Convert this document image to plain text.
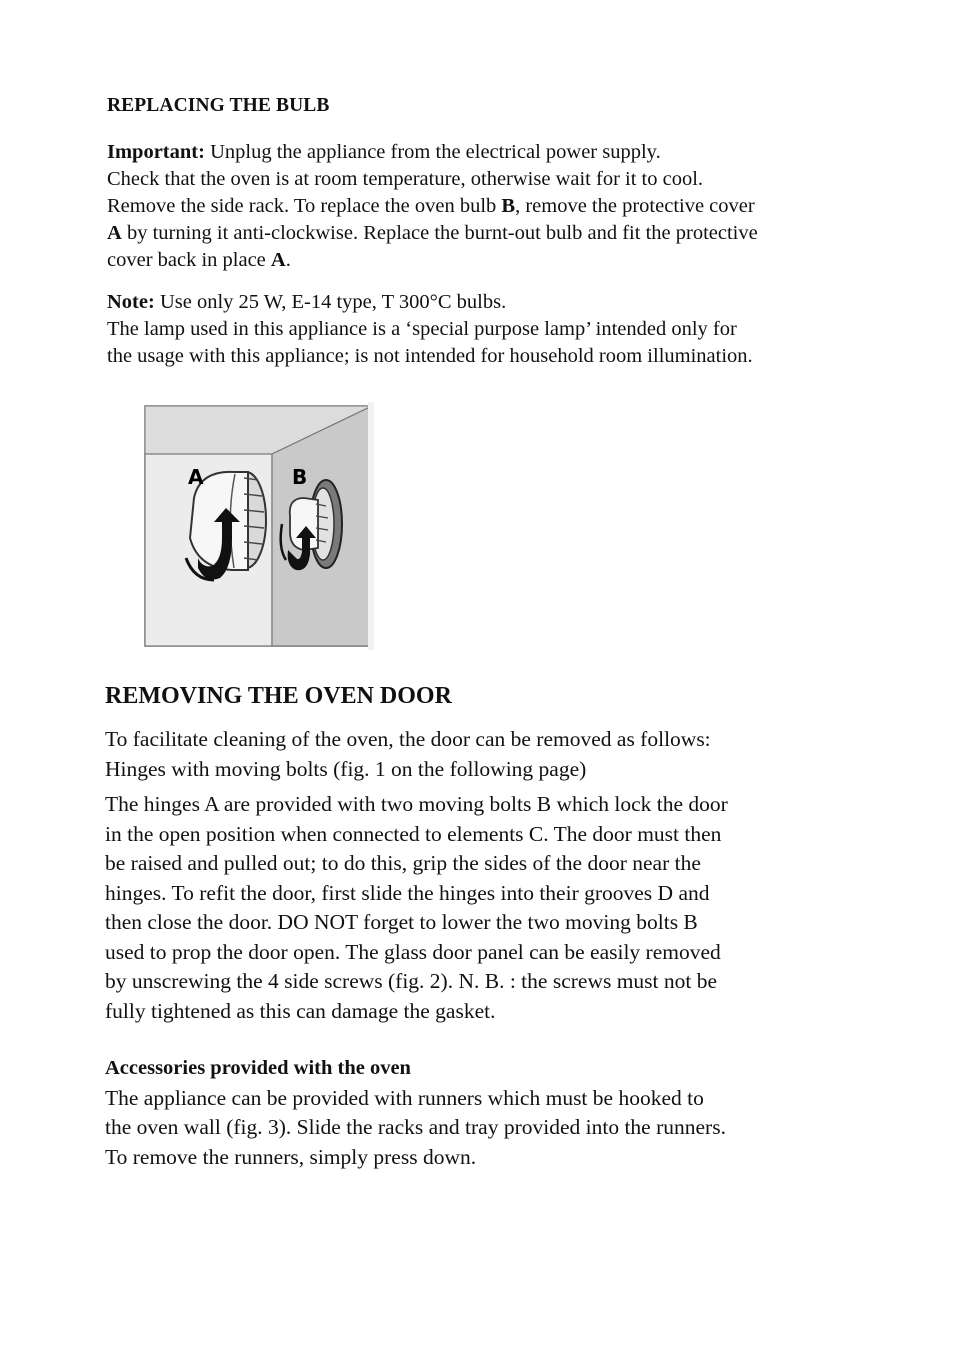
REPLACING THE BULB
Important: Unplug the appliance from the electrical power supply.
Check that the oven is at room temperature, otherwise wait for it to cool.
Remove the side rack. To replace the oven bulb B, remove the protective cover
A by turning it anti-clockwise. Replace the burnt-out bulb and fit the protective
cover back in place A.
Note: Use only 25 W, E-14 type, T 300°C bulbs.
The lamp used in this appliance is a ‘special purpose lamp’ intended only for
the usage with this appliance; is not intended for household room illumination.
A	B
REMOVING THE OVEN DOOR
To facilitate cleaning of the oven, the door can be removed as follows:
Hinges with moving bolts (fig. 1 on the following page)
The hinges A are provided with two moving bolts B which lock the door
in the open position when connected to elements C. The door must then
be raised and pulled out; to do this, grip the sides of the door near the
hinges. To refit the door, first slide the hinges into their grooves D and
then close the door. DO NOT forget to lower the two moving bolts B
used to prop the door open. The glass door panel can be easily removed
by unscrewing the 4 side screws (fig. 2). N. B. : the screws must not be
fully tightened as this can damage the gasket.
Accessories provided with the oven
The appliance can be provided with runners which must be hooked to
the oven wall (fig. 3). Slide the racks and tray provided into the runners.
To remove the runners, simply press down.
